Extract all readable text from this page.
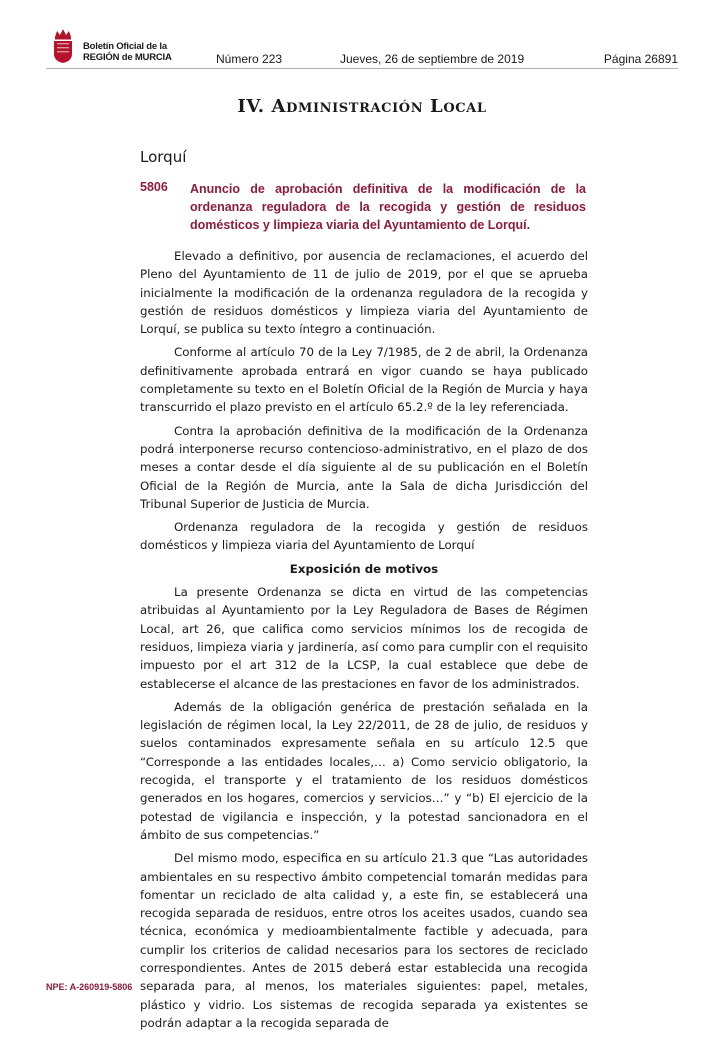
Boletín Oficial de la
REGIÓN de MURCIA	Número 223	Jueves, 26 de septiembre de 2019	Página 26891
IV. Administración Local
Lorquí
5806 Anuncio de aprobación definitiva de la modificación de la ordenanza reguladora de la recogida y gestión de residuos domésticos y limpieza viaria del Ayuntamiento de Lorquí.

Elevado a definitivo, por ausencia de reclamaciones, el acuerdo del Pleno del Ayuntamiento de 11 de julio de 2019, por el que se aprueba inicialmente la modificación de la ordenanza reguladora de la recogida y gestión de residuos domésticos y limpieza viaria del Ayuntamiento de Lorquí, se publica su texto íntegro a continuación.

Conforme al artículo 70 de la Ley 7/1985, de 2 de abril, la Ordenanza definitivamente aprobada entrará en vigor cuando se haya publicado completamente su texto en el Boletín Oficial de la Región de Murcia y haya transcurrido el plazo previsto en el artículo 65.2.º de la ley referenciada.

Contra la aprobación definitiva de la modificación de la Ordenanza podrá interponerse recurso contencioso-administrativo, en el plazo de dos meses a contar desde el día siguiente al de su publicación en el Boletín Oficial de la Región de Murcia, ante la Sala de dicha Jurisdicción del Tribunal Superior de Justicia de Murcia.

Ordenanza reguladora de la recogida y gestión de residuos domésticos y limpieza viaria del Ayuntamiento de Lorquí

Exposición de motivos

La presente Ordenanza se dicta en virtud de las competencias atribuidas al Ayuntamiento por la Ley Reguladora de Bases de Régimen Local, art 26, que califica como servicios mínimos los de recogida de residuos, limpieza viaria y jardinería, así como para cumplir con el requisito impuesto por el art 312 de la LCSP, la cual establece que debe de establecerse el alcance de las prestaciones en favor de los administrados.

Además de la obligación genérica de prestación señalada en la legislación de régimen local, la Ley 22/2011, de 28 de julio, de residuos y suelos contaminados expresamente señala en su artículo 12.5 que “Corresponde a las entidades locales,… a) Como servicio obligatorio, la recogida, el transporte y el tratamiento de los residuos domésticos generados en los hogares, comercios y servicios…” y “b) El ejercicio de la potestad de vigilancia e inspección, y la potestad sancionadora en el ámbito de sus competencias.”

Del mismo modo, especifica en su artículo 21.3 que “Las autoridades ambientales en su respectivo ámbito competencial tomarán medidas para fomentar un reciclado de alta calidad y, a este fin, se establecerá una recogida separada de residuos, entre otros los aceites usados, cuando sea técnica, económica y medioambientalmente factible y adecuada, para cumplir los criterios de calidad necesarios para los sectores de reciclado correspondientes. Antes de 2015 deberá estar establecida una recogida separada para, al menos, los materiales siguientes: papel, metales, plástico y vidrio. Los sistemas de recogida separada ya existentes se podrán adaptar a la recogida separada de

NPE: A-260919-5806
